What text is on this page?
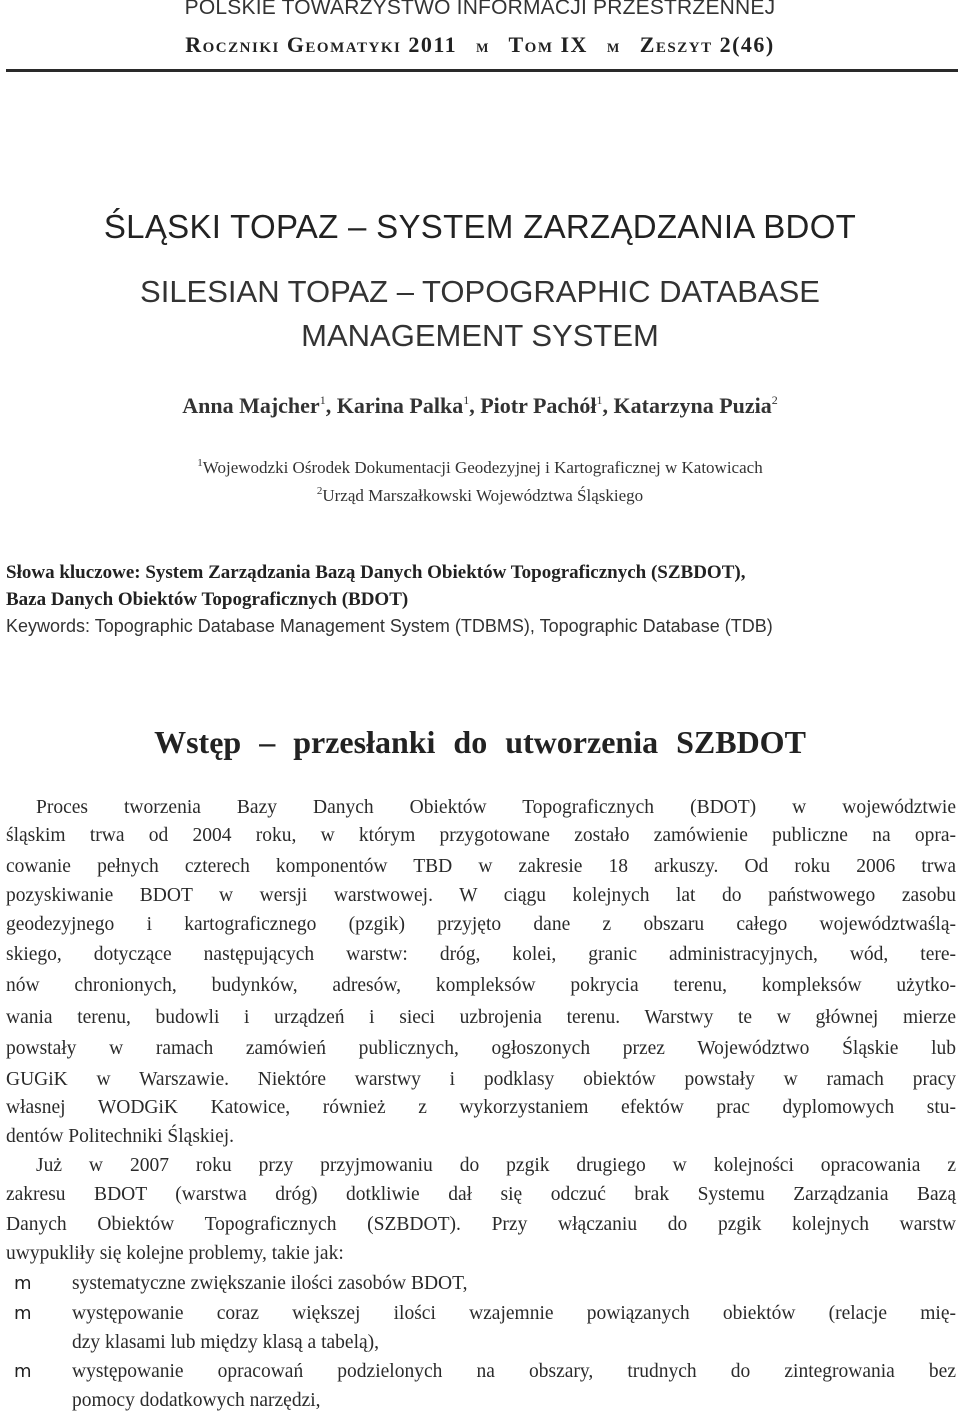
POLSKIE TOWARZYSTWO INFORMACJI PRZESTRZENNEJ
Roczniki Geomatyki 2011 m Tom IX m Zeszyt 2(46)
ŚLĄSKI TOPAZ – SYSTEM ZARZĄDZANIA BDOT
SILESIAN TOPAZ – TOPOGRAPHIC DATABASE
MANAGEMENT SYSTEM
Anna Majcher$^1$, Karina Palka$^1$, Piotr Pachół$^1$, Katarzyna Puzia$^2$
$^1$Wojewodzki Ośrodek Dokumentacji Geodezyjnej i Kartograficznej w Katowicach
$^2$Urząd Marszałkowski Województwa Śląskiego
Słowa kluczowe: System Zarządzania Bazą Danych Obiektów Topograficznych (SZBDOT),
Baza Danych Obiektów Topograficznych (BDOT)
Keywords: Topographic Database Management System (TDBMS), Topographic Database (TDB)
Wstęp – przesłanki do utworzenia SZBDOT
Proces tworzenia Bazy Danych Obiektów Topograficznych (BDOT) w województwie
śląskim trwa od 2004 roku, w którym przygotowane zostało zamówienie publiczne na opra-
cowanie pełnych czterech komponentów TBD w zakresie 18 arkuszy. Od roku 2006 trwa
pozyskiwanie BDOT w wersji warstwowej. W ciągu kolejnych lat do państwowego zasobu
geodezyjnego i kartograficznego (pzgik) przyjęto dane z obszaru całego województwaślą-
skiego, dotyczące następujących warstw: dróg, kolei, granic administracyjnych, wód, tere-
nów chronionych, budynków, adresów, kompleksów pokrycia terenu, kompleksów użytko-
wania terenu, budowli i urządzeń i sieci uzbrojenia terenu. Warstwy te w głównej mierze
powstały w ramach zamówień publicznych, ogłoszonych przez Województwo Śląskie lub
GUGiK w Warszawie. Niektóre warstwy i podklasy obiektów powstały w ramach pracy
własnej WODGiK Katowice, również z wykorzystaniem efektów prac dyplomowych stu-
dentów Politechniki Śląskiej.
Już w 2007 roku przy przyjmowaniu do pzgik drugiego w kolejności opracowania z
zakresu BDOT (warstwa dróg) dotkliwie dał się odczuć brak Systemu Zarządzania Bazą
Danych Obiektów Topograficznych (SZBDOT). Przy włączaniu do pzgik kolejnych warstw
uwypukliły się kolejne problemy, takie jak:
m systematyczne zwiększanie ilości zasobów BDOT,
m występowanie coraz większej ilości wzajemnie powiązanych obiektów (relacje mię-
dzy klasami lub między klasą a tabelą),
m występowanie opracowań podzielonych na obszary, trudnych do zintegrowania bez
pomocy dodatkowych narzędzi,
